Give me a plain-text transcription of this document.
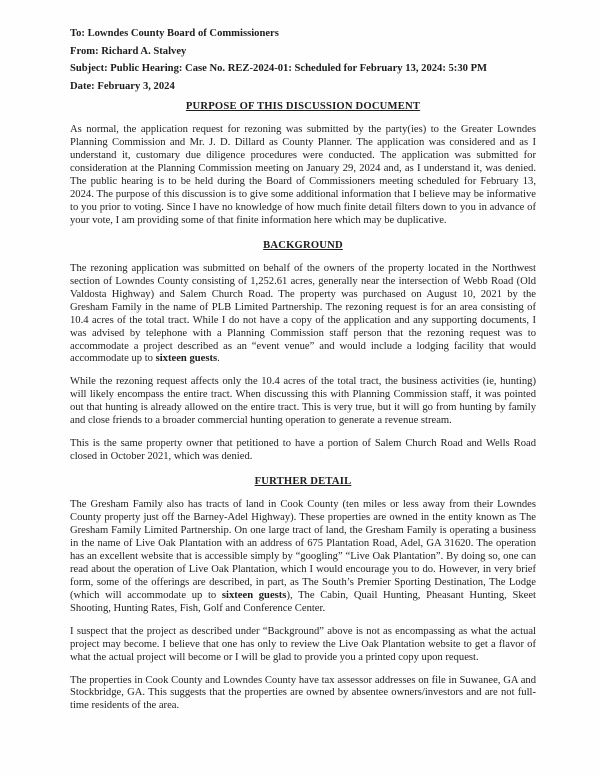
To: Lowndes County Board of Commissioners
From: Richard A. Stalvey
Subject: Public Hearing: Case No. REZ-2024-01: Scheduled for February 13, 2024: 5:30 PM
Date: February 3, 2024
PURPOSE OF THIS DISCUSSION DOCUMENT

As normal, the application request for rezoning was submitted by the party(ies) to the Greater Lowndes Planning Commission and Mr. J. D. Dillard as County Planner. The application was considered and as I understand it, customary due diligence procedures were conducted. The application was submitted for consideration at the Planning Commission meeting on January 29, 2024 and, as I understand it, was denied. The public hearing is to be held during the Board of Commissioners meeting scheduled for February 13, 2024. The purpose of this discussion is to give some additional information that I believe may be informative to you prior to voting. Since I have no knowledge of how much finite detail filters down to you in advance of your vote, I am providing some of that finite information here which may be duplicative.

BACKGROUND

The rezoning application was submitted on behalf of the owners of the property located in the Northwest section of Lowndes County consisting of 1,252.61 acres, generally near the intersection of Webb Road (Old Valdosta Highway) and Salem Church Road. The property was purchased on August 10, 2021 by the Gresham Family in the name of PLB Limited Partnership. The rezoning request is for an area consisting of 10.4 acres of the total tract. While I do not have a copy of the application and any supporting documents, I was advised by telephone with a Planning Commission staff person that the rezoning request was to accommodate a project described as an “event venue” and would include a lodging facility that would accommodate up to sixteen guests.

While the rezoning request affects only the 10.4 acres of the total tract, the business activities (ie, hunting) will likely encompass the entire tract. When discussing this with Planning Commission staff, it was pointed out that hunting is already allowed on the entire tract. This is very true, but it will go from hunting by family and close friends to a broader commercial hunting operation to generate a revenue stream.

This is the same property owner that petitioned to have a portion of Salem Church Road and Wells Road closed in October 2021, which was denied.

FURTHER DETAIL

The Gresham Family also has tracts of land in Cook County (ten miles or less away from their Lowndes County property just off the Barney-Adel Highway). These properties are owned in the entity known as The Gresham Family Limited Partnership. On one large tract of land, the Gresham Family is operating a business in the name of Live Oak Plantation with an address of 675 Plantation Road, Adel, GA 31620. The operation has an excellent website that is accessible simply by “googling” “Live Oak Plantation”. By doing so, one can read about the operation of Live Oak Plantation, which I would encourage you to do. However, in very brief form, some of the offerings are described, in part, as The South’s Premier Sporting Destination, The Lodge (which will accommodate up to sixteen guests), The Cabin, Quail Hunting, Pheasant Hunting, Skeet Shooting, Hunting Rates, Fish, Golf and Conference Center.

I suspect that the project as described under “Background” above is not as encompassing as what the actual project may become. I believe that one has only to review the Live Oak Plantation website to get a flavor of what the actual project will become or I will be glad to provide you a printed copy upon request.

The properties in Cook County and Lowndes County have tax assessor addresses on file in Suwanee, GA and Stockbridge, GA. This suggests that the properties are owned by absentee owners/investors and are not full-time residents of the area.
